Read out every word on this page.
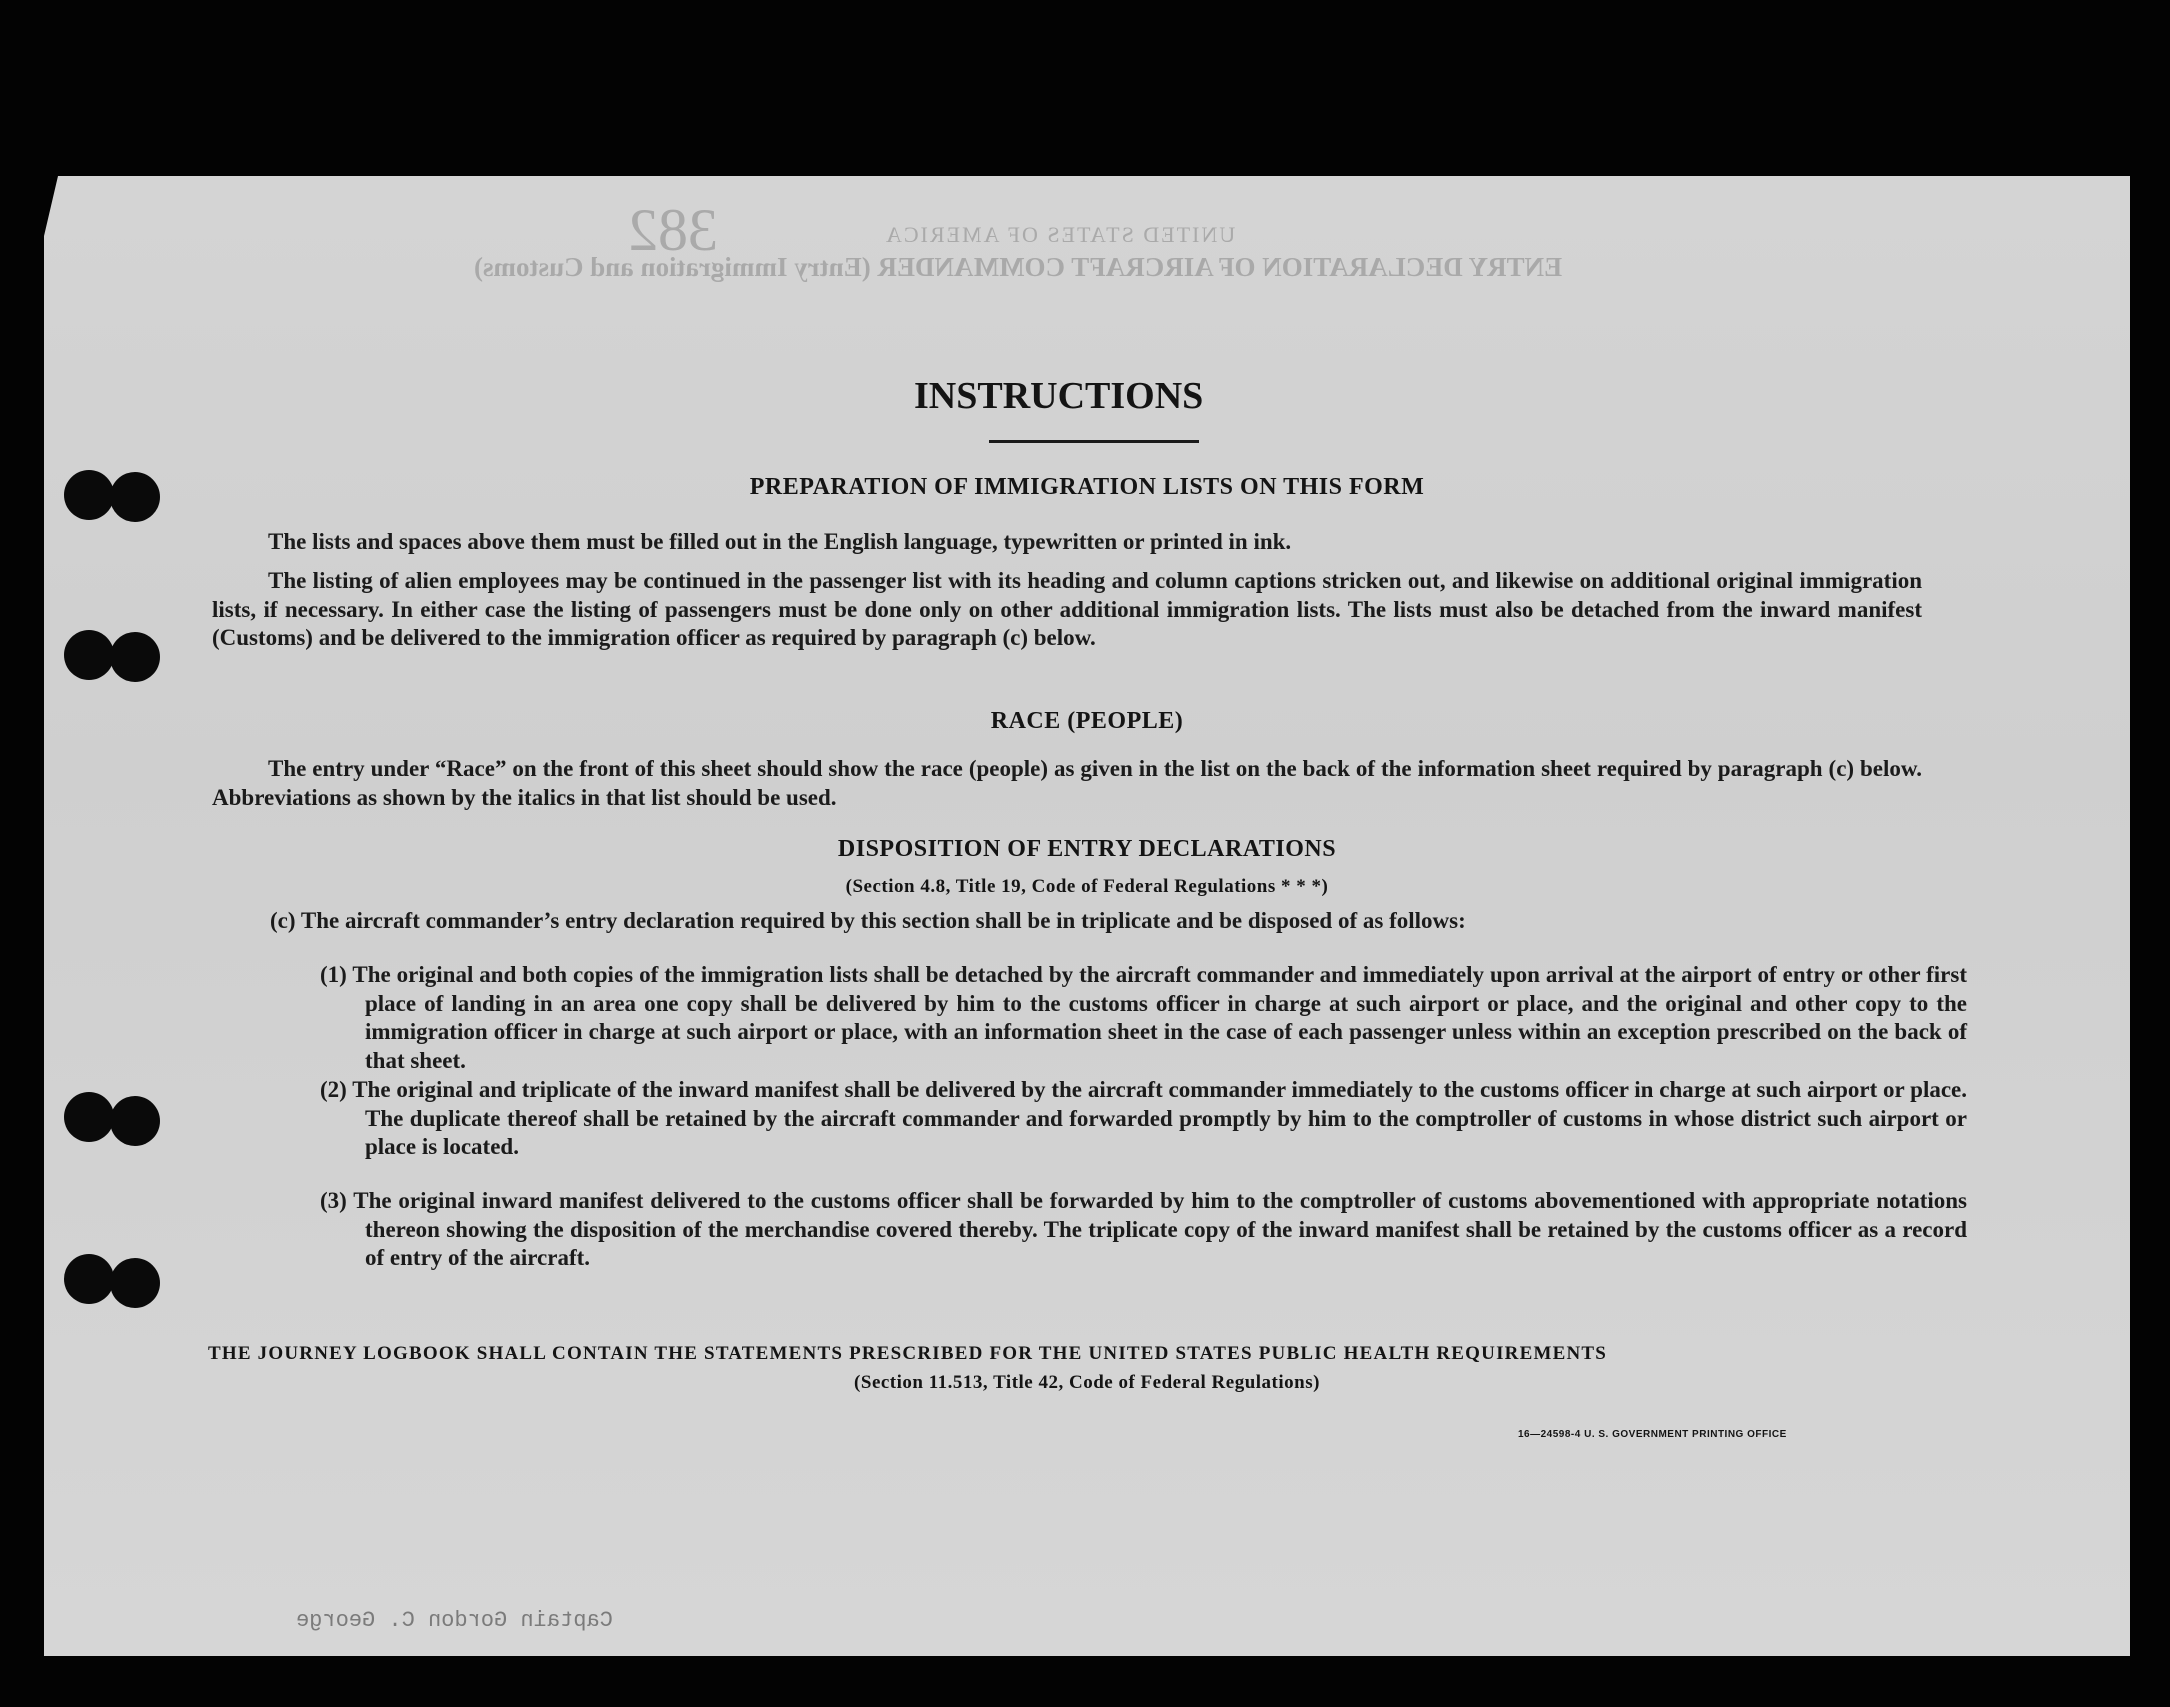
382	UNITED STATES OF AMERICA
ENTRY DECLARATION OF AIRCRAFT COMMANDER (Entry Immigration and Customs)
INSTRUCTIONS
PREPARATION OF IMMIGRATION LISTS ON THIS FORM
The lists and spaces above them must be filled out in the English language, typewritten or printed in ink.
The listing of alien employees may be continued in the passenger list with its heading and column captions stricken out, and likewise on additional original immigration lists, if necessary. In either case the listing of passengers must be done only on other additional immigration lists. The lists must also be detached from the inward manifest (Customs) and be delivered to the immigration officer as required by paragraph (c) below.
RACE (PEOPLE)
The entry under “Race” on the front of this sheet should show the race (people) as given in the list on the back of the information sheet required by paragraph (c) below. Abbreviations as shown by the italics in that list should be used.
DISPOSITION OF ENTRY DECLARATIONS
(Section 4.8, Title 19, Code of Federal Regulations * * *)
(c) The aircraft commander’s entry declaration required by this section shall be in triplicate and be disposed of as follows:
(1) The original and both copies of the immigration lists shall be detached by the aircraft commander and immediately upon arrival at the airport of entry or other first place of landing in an area one copy shall be delivered by him to the customs officer in charge at such airport or place, and the original and other copy to the immigration officer in charge at such airport or place, with an information sheet in the case of each passenger unless within an exception prescribed on the back of that sheet.
(2) The original and triplicate of the inward manifest shall be delivered by the aircraft commander immediately to the customs officer in charge at such airport or place. The duplicate thereof shall be retained by the aircraft commander and forwarded promptly by him to the comptroller of customs in whose district such airport or place is located.
(3) The original inward manifest delivered to the customs officer shall be forwarded by him to the comptroller of customs abovementioned with appropriate notations thereon showing the disposition of the merchandise covered thereby. The triplicate copy of the inward manifest shall be retained by the customs officer as a record of entry of the aircraft.
THE JOURNEY LOGBOOK SHALL CONTAIN THE STATEMENTS PRESCRIBED FOR THE UNITED STATES PUBLIC HEALTH REQUIREMENTS
(Section 11.513, Title 42, Code of Federal Regulations)
16—24598-4 U. S. GOVERNMENT PRINTING OFFICE
Captain Gordon C. George
